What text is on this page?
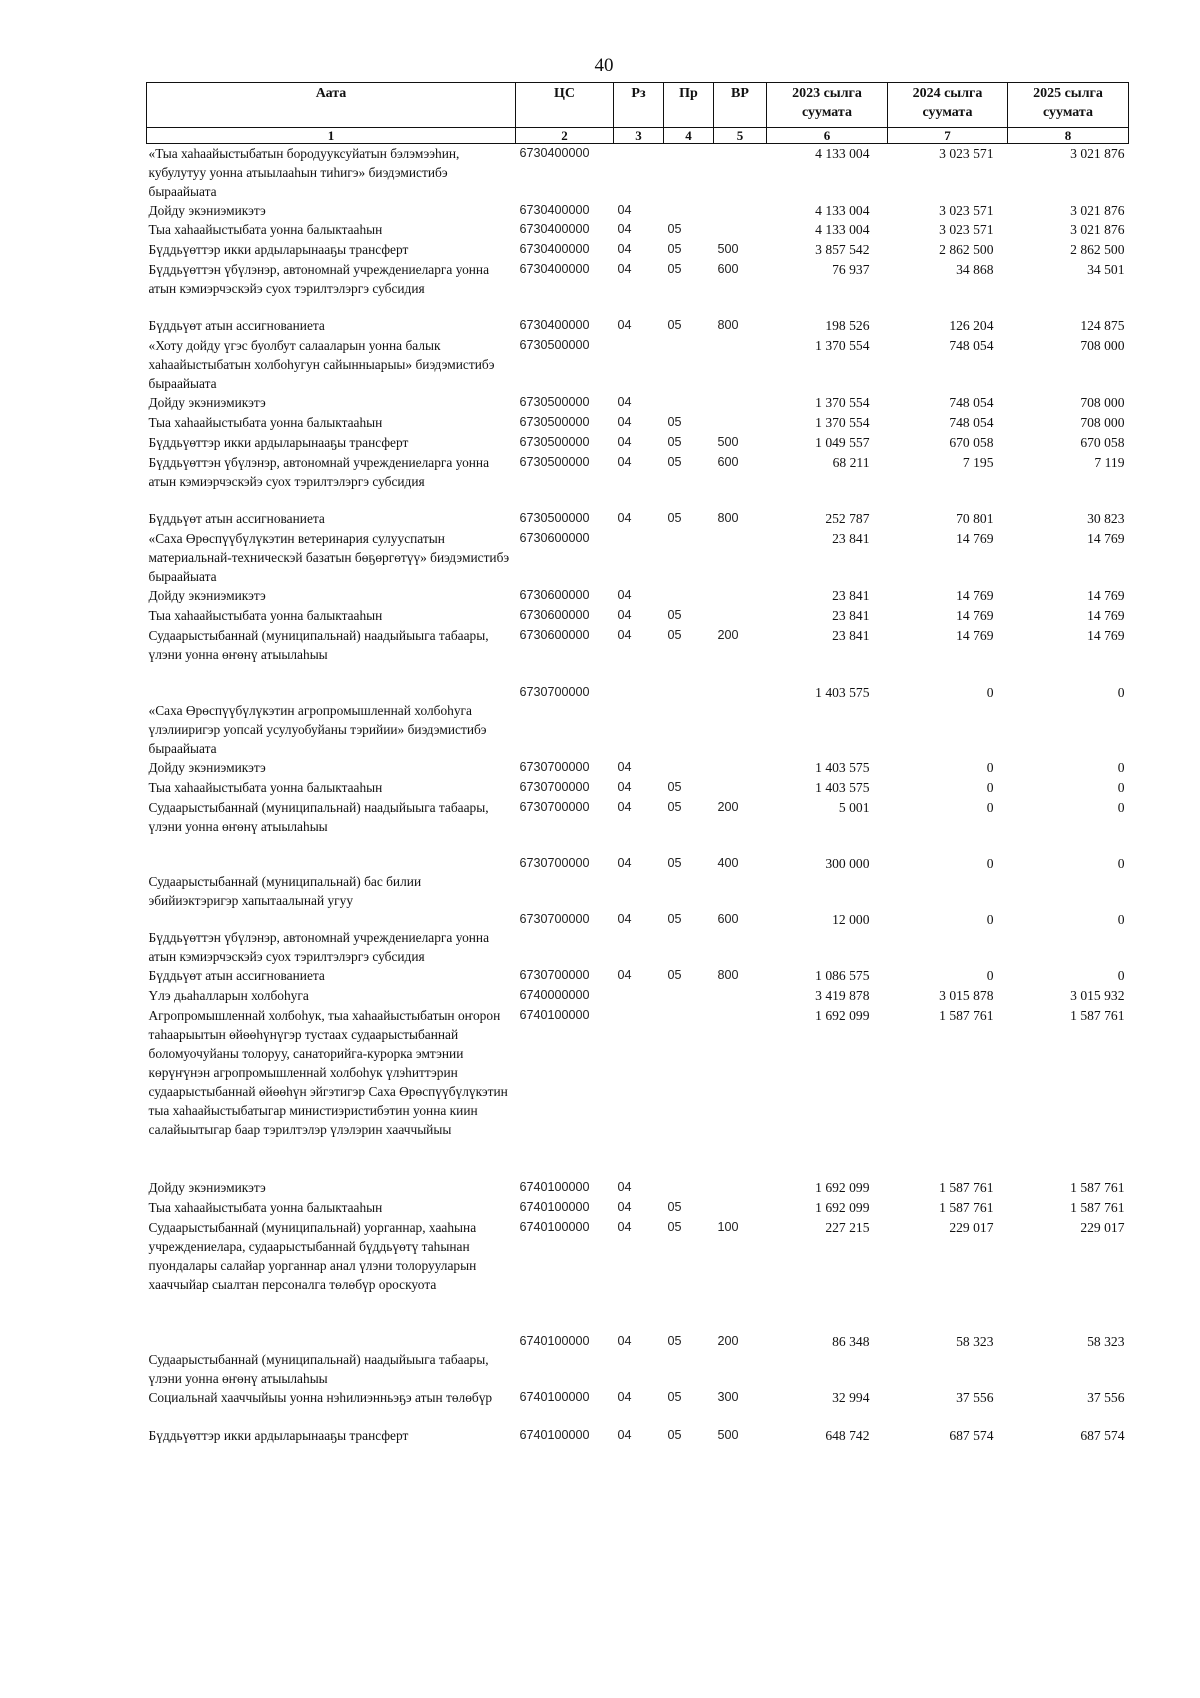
40
Аата	ЦС	Рз	Пр	ВР	2023 сылга суумата	2024 сылга суумата	2025 сылга суумата
1	2	3	4	5	6	7	8
«Тыа хаһаайыстыбатын бородууксуйатын бэлэмээһин, кубулутуу уонна атыылааһын тиһигэ» биэдэмистибэ быраайыата	6730400000				4 133 004	3 023 571	3 021 876
Дойду экэниэмикэтэ	6730400000	04			4 133 004	3 023 571	3 021 876
Тыа хаһаайыстыбата уонна балыктааһын	6730400000	04	05		4 133 004	3 023 571	3 021 876
Бүддьүөттэр икки ардыларынааҕы трансферт	6730400000	04	05	500	3 857 542	2 862 500	2 862 500
Бүддьүөттэн үбүлэнэр, автономнай учреждениеларга уонна атын кэмиэрчэскэйэ суох тэрилтэлэргэ субсидия	6730400000	04	05	600	76 937	34 868	34 501
Бүддьүөт атын ассигнованиета	6730400000	04	05	800	198 526	126 204	124 875
«Хоту дойду үгэс буолбут салааларын уонна балык хаһаайыстыбатын холбоһугун сайынныарыы» биэдэмистибэ быраайыата	6730500000				1 370 554	748 054	708 000
Дойду экэниэмикэтэ	6730500000	04			1 370 554	748 054	708 000
Тыа хаһаайыстыбата уонна балыктааһын	6730500000	04	05		1 370 554	748 054	708 000
Бүддьүөттэр икки ардыларынааҕы трансферт	6730500000	04	05	500	1 049 557	670 058	670 058
Бүддьүөттэн үбүлэнэр, автономнай учреждениеларга уонна атын кэмиэрчэскэйэ суох тэрилтэлэргэ субсидия	6730500000	04	05	600	68 211	7 195	7 119
Бүддьүөт атын ассигнованиета	6730500000	04	05	800	252 787	70 801	30 823
«Саха Өрөспүүбүлүкэтин ветеринария сулууспатын материальнай-техническэй базатын бөҕөргөтүү» биэдэмистибэ быраайыата	6730600000				23 841	14 769	14 769
Дойду экэниэмикэтэ	6730600000	04			23 841	14 769	14 769
Тыа хаһаайыстыбата уонна балыктааһын	6730600000	04	05		23 841	14 769	14 769
Судаарыстыбаннай (муниципальнай) наадыйыыга табаары, үлэни уонна өҥөнү атыылаһыы	6730600000	04	05	200	23 841	14 769	14 769
«Саха Өрөспүүбүлүкэтин агропромышленнай холбоһуга үлэлииригэр уопсай усулуобуйаны тэрийии» биэдэмистибэ быраайыата	6730700000				1 403 575	0	0
Дойду экэниэмикэтэ	6730700000	04			1 403 575	0	0
Тыа хаһаайыстыбата уонна балыктааһын	6730700000	04	05		1 403 575	0	0
Судаарыстыбаннай (муниципальнай) наадыйыыга табаары, үлэни уонна өҥөнү атыылаһыы	6730700000	04	05	200	5 001	0	0
Судаарыстыбаннай (муниципальнай) бас билии эбийиэктэригэр хапытаалынай угуу	6730700000	04	05	400	300 000	0	0
Бүддьүөттэн үбүлэнэр, автономнай учреждениеларга уонна атын кэмиэрчэскэйэ суох тэрилтэлэргэ субсидия	6730700000	04	05	600	12 000	0	0
Бүддьүөт атын ассигнованиета	6730700000	04	05	800	1 086 575	0	0
Үлэ дьаһалларын холбоһуга	6740000000				3 419 878	3 015 878	3 015 932
Агропромышленнай холбоһук, тыа хаһаайыстыбатын оҥорон таһаарыытын өйөөһүнүгэр тустаах судаарыстыбаннай боломуочуйаны толоруу, санаторийга-курорка эмтэнии көрүҥүнэн агропромышленнай холбоһук үлэһиттэрин судаарыстыбаннай өйөөһүн эйгэтигэр Саха Өрөспүүбүлүкэтин тыа хаһаайыстыбатыгар министиэристибэтин уонна киин салайыытыгар баар тэрилтэлэр үлэлэрин хааччыйыы	6740100000				1 692 099	1 587 761	1 587 761
Дойду экэниэмикэтэ	6740100000	04			1 692 099	1 587 761	1 587 761
Тыа хаһаайыстыбата уонна балыктааһын	6740100000	04	05		1 692 099	1 587 761	1 587 761
Судаарыстыбаннай (муниципальнай) уорганнар, хааһына учреждениелара, судаарыстыбаннай бүддьүөтү таһынан пуондалары салайар уорганнар анал үлэни толорууларын хааччыйар сыалтан персоналга төлөбүр ороскуота	6740100000	04	05	100	227 215	229 017	229 017
Судаарыстыбаннай (муниципальнай) наадыйыыга табаары, үлэни уонна өҥөнү атыылаһыы	6740100000	04	05	200	86 348	58 323	58 323
Социальнай хааччыйыы уонна нэһилиэнньэҕэ атын төлөбүр	6740100000	04	05	300	32 994	37 556	37 556
Бүддьүөттэр икки ардыларынааҕы трансферт	6740100000	04	05	500	648 742	687 574	687 574
